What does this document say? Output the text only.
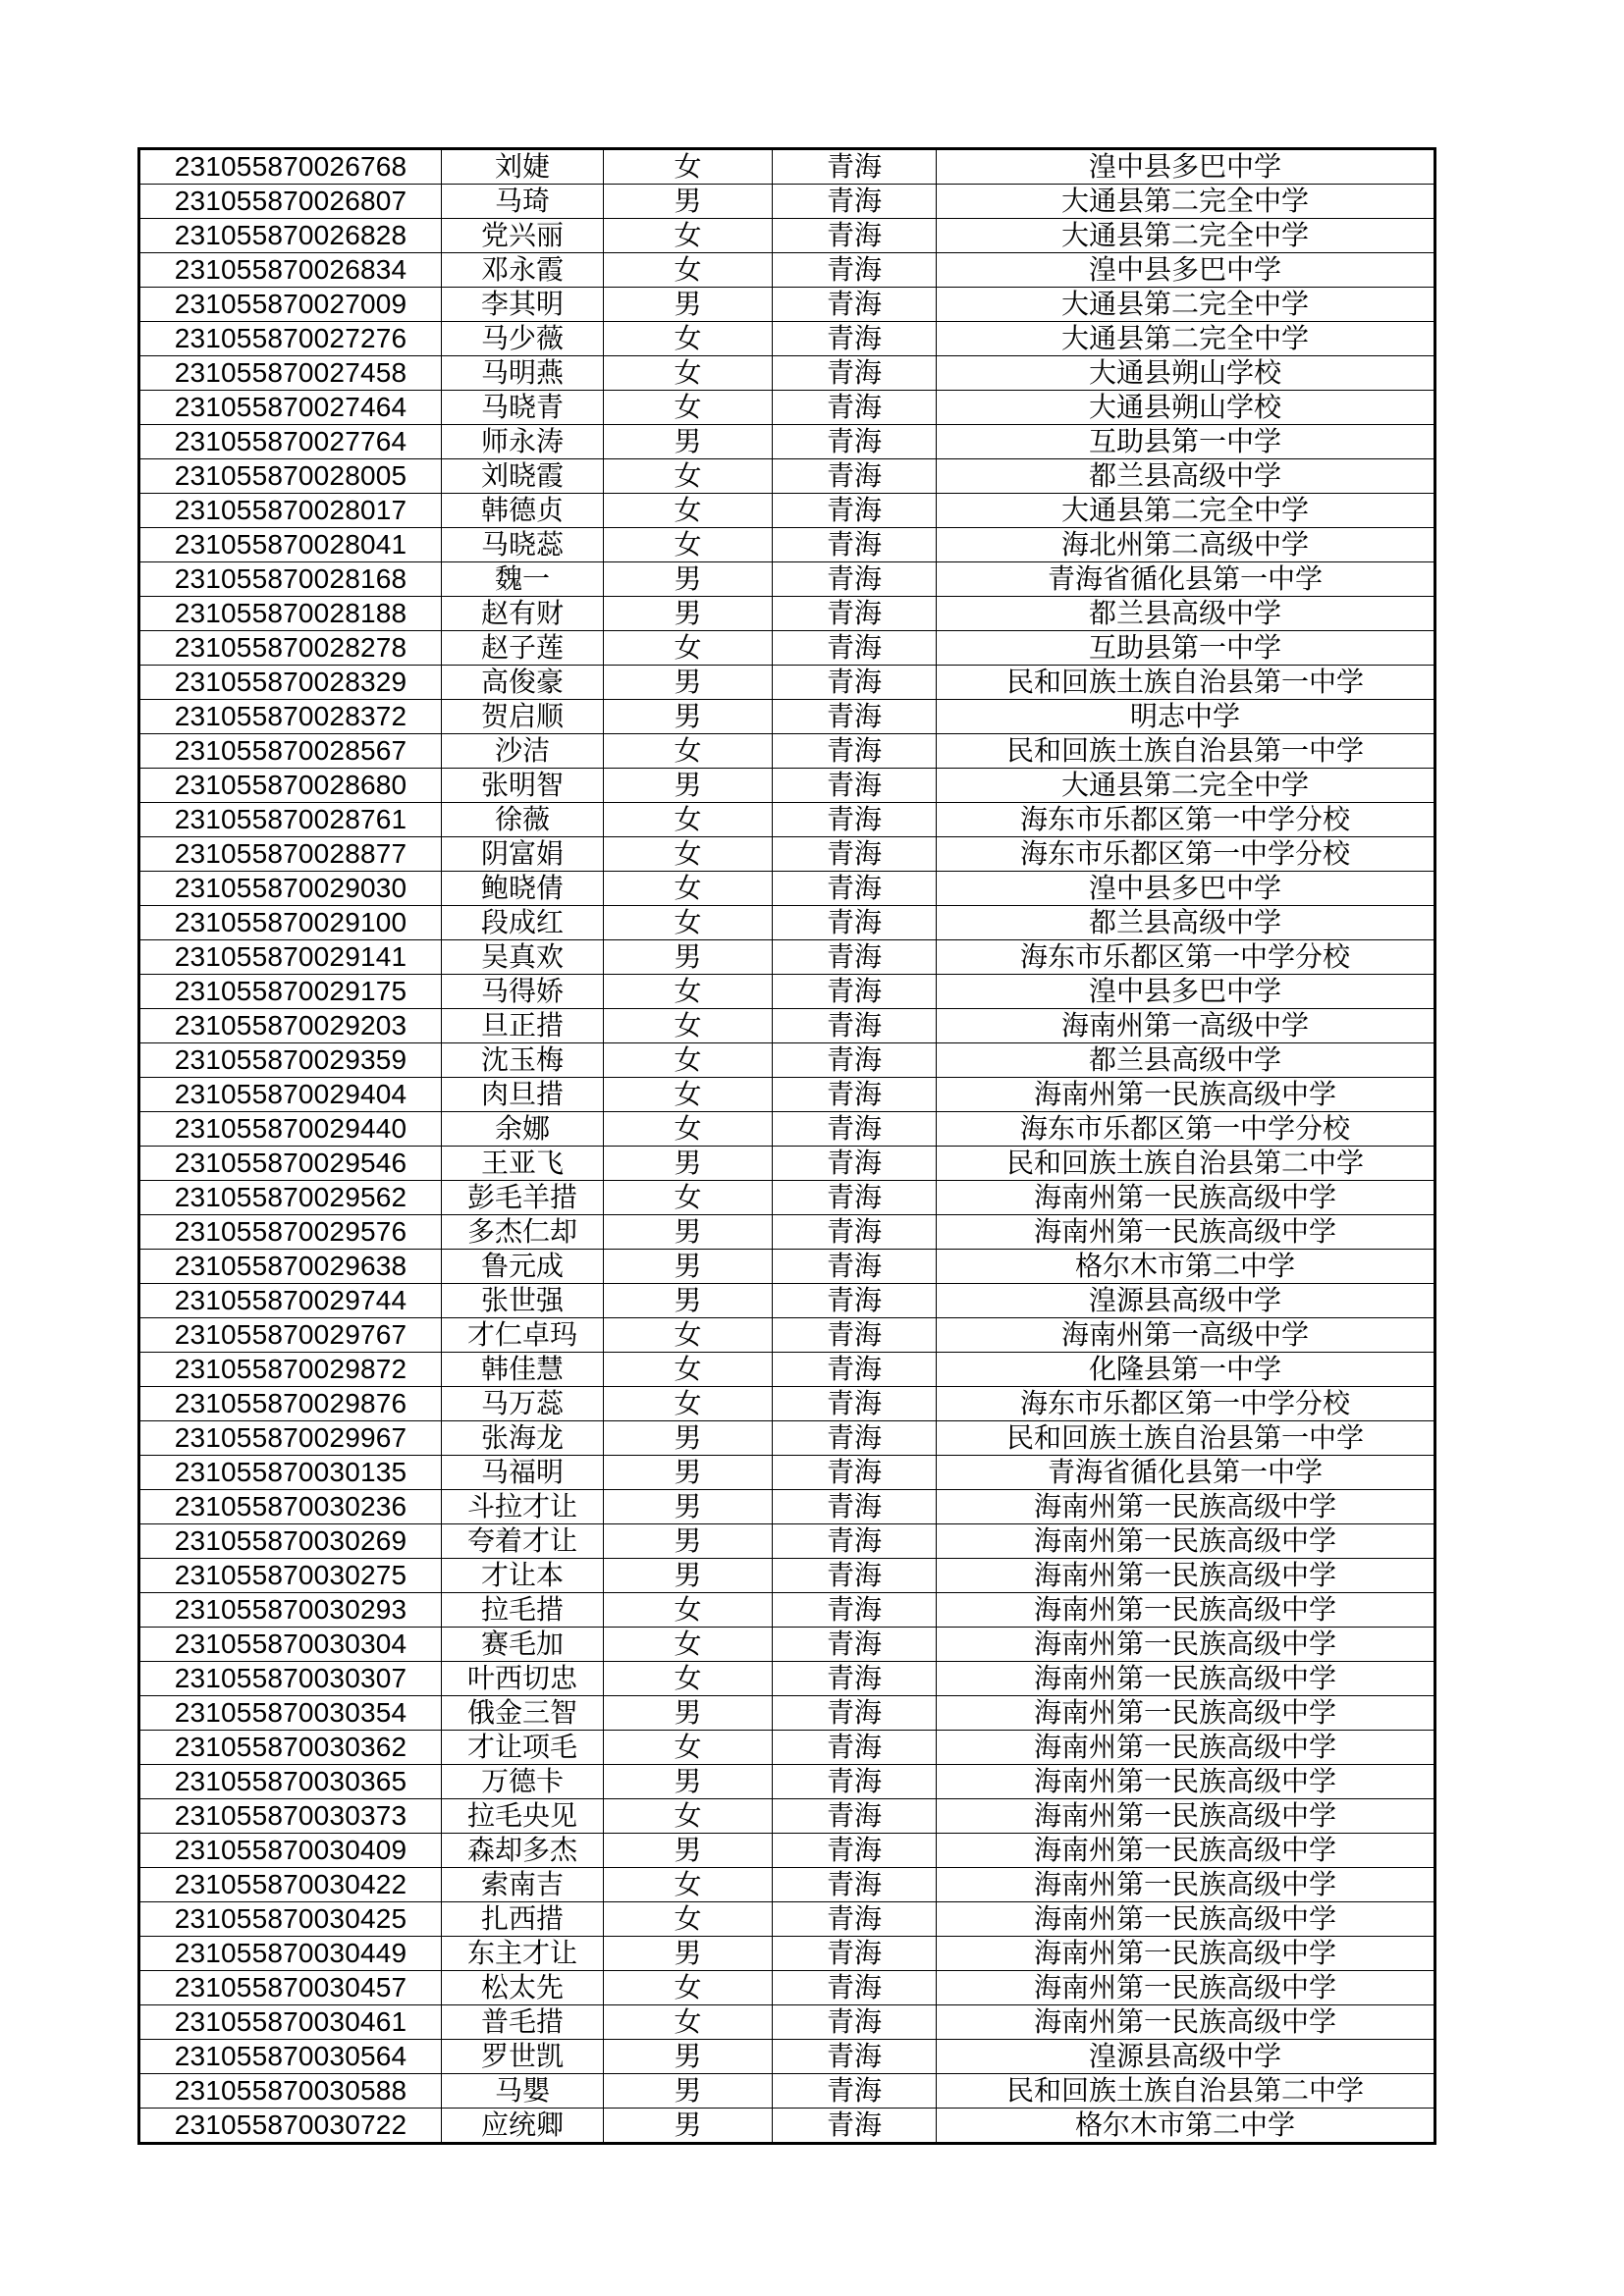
231055870026768	刘婕	女	青海	湟中县多巴中学
231055870026807	马琦	男	青海	大通县第二完全中学
231055870026828	党兴丽	女	青海	大通县第二完全中学
231055870026834	邓永霞	女	青海	湟中县多巴中学
231055870027009	李其明	男	青海	大通县第二完全中学
231055870027276	马少薇	女	青海	大通县第二完全中学
231055870027458	马明燕	女	青海	大通县朔山学校
231055870027464	马晓青	女	青海	大通县朔山学校
231055870027764	师永涛	男	青海	互助县第一中学
231055870028005	刘晓霞	女	青海	都兰县高级中学
231055870028017	韩德贞	女	青海	大通县第二完全中学
231055870028041	马晓蕊	女	青海	海北州第二高级中学
231055870028168	魏一	男	青海	青海省循化县第一中学
231055870028188	赵有财	男	青海	都兰县高级中学
231055870028278	赵子莲	女	青海	互助县第一中学
231055870028329	高俊豪	男	青海	民和回族土族自治县第一中学
231055870028372	贺启顺	男	青海	明志中学
231055870028567	沙洁	女	青海	民和回族土族自治县第一中学
231055870028680	张明智	男	青海	大通县第二完全中学
231055870028761	徐薇	女	青海	海东市乐都区第一中学分校
231055870028877	阴富娟	女	青海	海东市乐都区第一中学分校
231055870029030	鲍晓倩	女	青海	湟中县多巴中学
231055870029100	段成红	女	青海	都兰县高级中学
231055870029141	吴真欢	男	青海	海东市乐都区第一中学分校
231055870029175	马得娇	女	青海	湟中县多巴中学
231055870029203	旦正措	女	青海	海南州第一高级中学
231055870029359	沈玉梅	女	青海	都兰县高级中学
231055870029404	肉旦措	女	青海	海南州第一民族高级中学
231055870029440	余娜	女	青海	海东市乐都区第一中学分校
231055870029546	王亚飞	男	青海	民和回族土族自治县第二中学
231055870029562	彭毛羊措	女	青海	海南州第一民族高级中学
231055870029576	多杰仁却	男	青海	海南州第一民族高级中学
231055870029638	鲁元成	男	青海	格尔木市第二中学
231055870029744	张世强	男	青海	湟源县高级中学
231055870029767	才仁卓玛	女	青海	海南州第一高级中学
231055870029872	韩佳慧	女	青海	化隆县第一中学
231055870029876	马万蕊	女	青海	海东市乐都区第一中学分校
231055870029967	张海龙	男	青海	民和回族土族自治县第一中学
231055870030135	马福明	男	青海	青海省循化县第一中学
231055870030236	斗拉才让	男	青海	海南州第一民族高级中学
231055870030269	夸着才让	男	青海	海南州第一民族高级中学
231055870030275	才让本	男	青海	海南州第一民族高级中学
231055870030293	拉毛措	女	青海	海南州第一民族高级中学
231055870030304	赛毛加	女	青海	海南州第一民族高级中学
231055870030307	叶西切忠	女	青海	海南州第一民族高级中学
231055870030354	俄金三智	男	青海	海南州第一民族高级中学
231055870030362	才让项毛	女	青海	海南州第一民族高级中学
231055870030365	万德卡	男	青海	海南州第一民族高级中学
231055870030373	拉毛央见	女	青海	海南州第一民族高级中学
231055870030409	森却多杰	男	青海	海南州第一民族高级中学
231055870030422	索南吉	女	青海	海南州第一民族高级中学
231055870030425	扎西措	女	青海	海南州第一民族高级中学
231055870030449	东主才让	男	青海	海南州第一民族高级中学
231055870030457	松太先	女	青海	海南州第一民族高级中学
231055870030461	普毛措	女	青海	海南州第一民族高级中学
231055870030564	罗世凯	男	青海	湟源县高级中学
231055870030588	马嬰	男	青海	民和回族土族自治县第二中学
231055870030722	应统卿	男	青海	格尔木市第二中学
